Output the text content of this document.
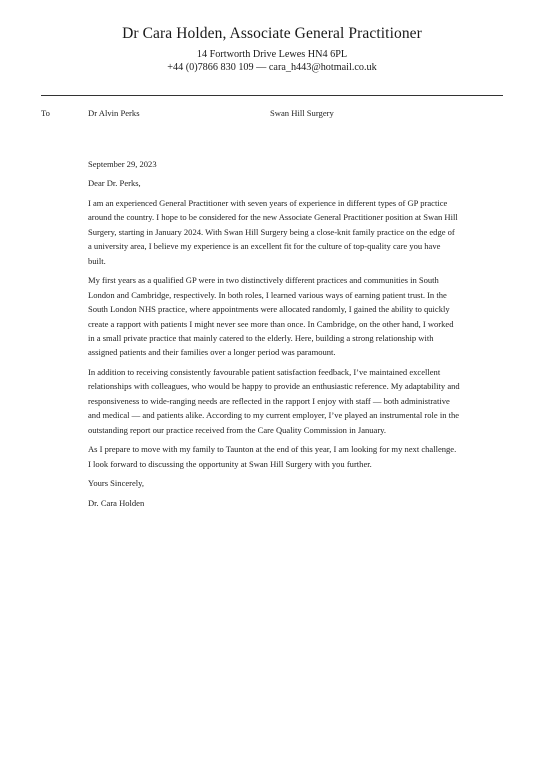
Dr Cara Holden, Associate General Practitioner
14 Fortworth Drive Lewes HN4 6PL
+44 (0)7866 830 109 — cara_h443@hotmail.co.uk
To	Dr Alvin Perks	Swan Hill Surgery

September 29, 2023

Dear Dr. Perks,

I am an experienced General Practitioner with seven years of experience in different types of GP practice around the country. I hope to be considered for the new Associate General Practitioner position at Swan Hill Surgery, starting in January 2024. With Swan Hill Surgery being a close-knit family practice on the edge of a university area, I believe my experience is an excellent fit for the culture of top-quality care you have built.

My first years as a qualified GP were in two distinctively different practices and communities in South London and Cambridge, respectively. In both roles, I learned various ways of earning patient trust. In the South London NHS practice, where appointments were allocated randomly, I gained the ability to quickly create a rapport with patients I might never see more than once. In Cambridge, on the other hand, I worked in a small private practice that mainly catered to the elderly. Here, building a strong relationship with assigned patients and their families over a longer period was paramount.

In addition to receiving consistently favourable patient satisfaction feedback, I’ve maintained excellent relationships with colleagues, who would be happy to provide an enthusiastic reference. My adaptability and responsiveness to wide-ranging needs are reflected in the rapport I enjoy with staff — both administrative and medical — and patients alike. According to my current employer, I’ve played an instrumental role in the outstanding report our practice received from the Care Quality Commission in January.

As I prepare to move with my family to Taunton at the end of this year, I am looking for my next challenge. I look forward to discussing the opportunity at Swan Hill Surgery with you further.

Yours Sincerely,

Dr. Cara Holden
